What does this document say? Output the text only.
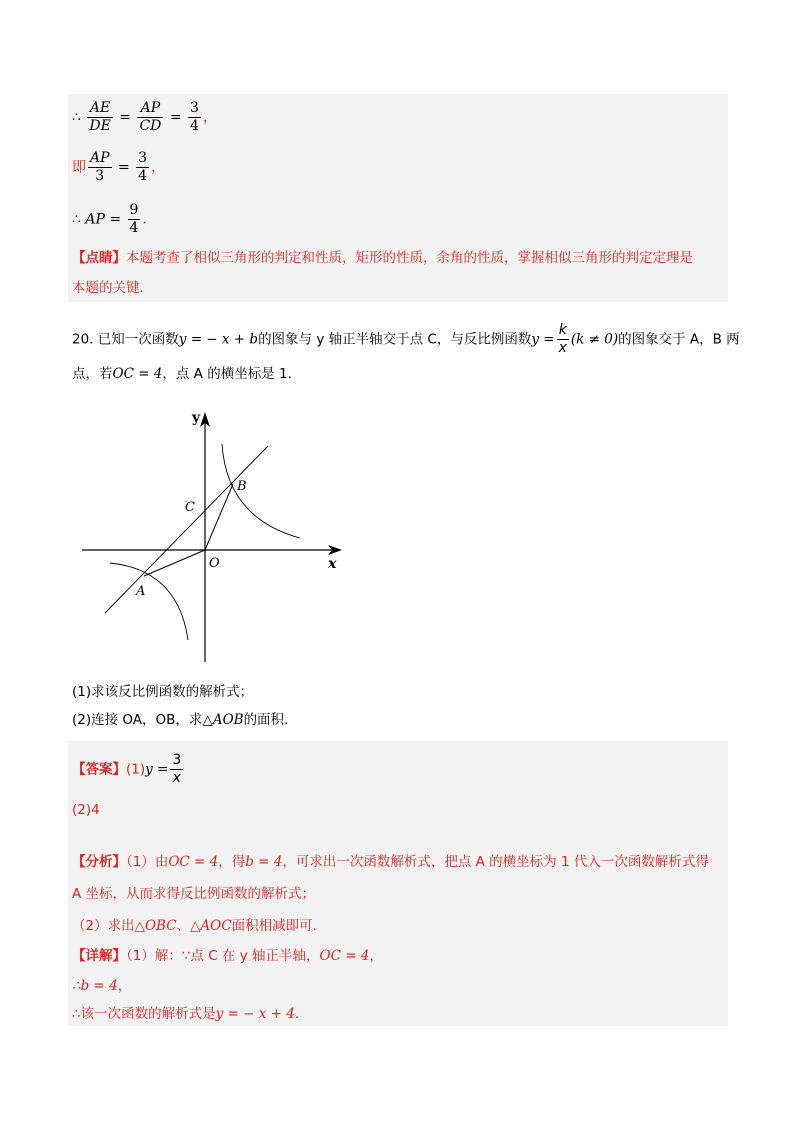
∴ $\frac{AE}{DE} = \frac{AP}{CD} = \frac{3}{4}$ ，
即 $\frac{AP}{3} = \frac{3}{4}$ ，
∴ AP = $\frac{9}{4}$ ．
【点睛】本题考查了相似三角形的判定和性质，矩形的性质，余角的性质，掌握相似三角形的判定定理是
本题的关键.
20. 已知一次函数y = − x + b的图象与 y 轴正半轴交于点 C，与反比例函数$y = \frac{k}{x} (k \ne 0)$的图象交于 A，B 两
点，若OC = 4，点 A 的横坐标是 1.
y
x
O
C
B
A
(1)求该反比例函数的解析式；
(2)连接 OA，OB，求△AOB的面积.
【答案】$(1)y = \frac{3}{x}$
(2)4
【分析】（1）由OC = 4，得b = 4，可求出一次函数解析式，把点 A 的横坐标为 1 代入一次函数解析式得
A 坐标，从而求得反比例函数的解析式；
（2）求出△OBC、△AOC面积相减即可.
【详解】（1）解：∵点 C 在 y 轴正半轴，OC = 4，
∴b = 4，
∴该一次函数的解析式是y = − x + 4.
